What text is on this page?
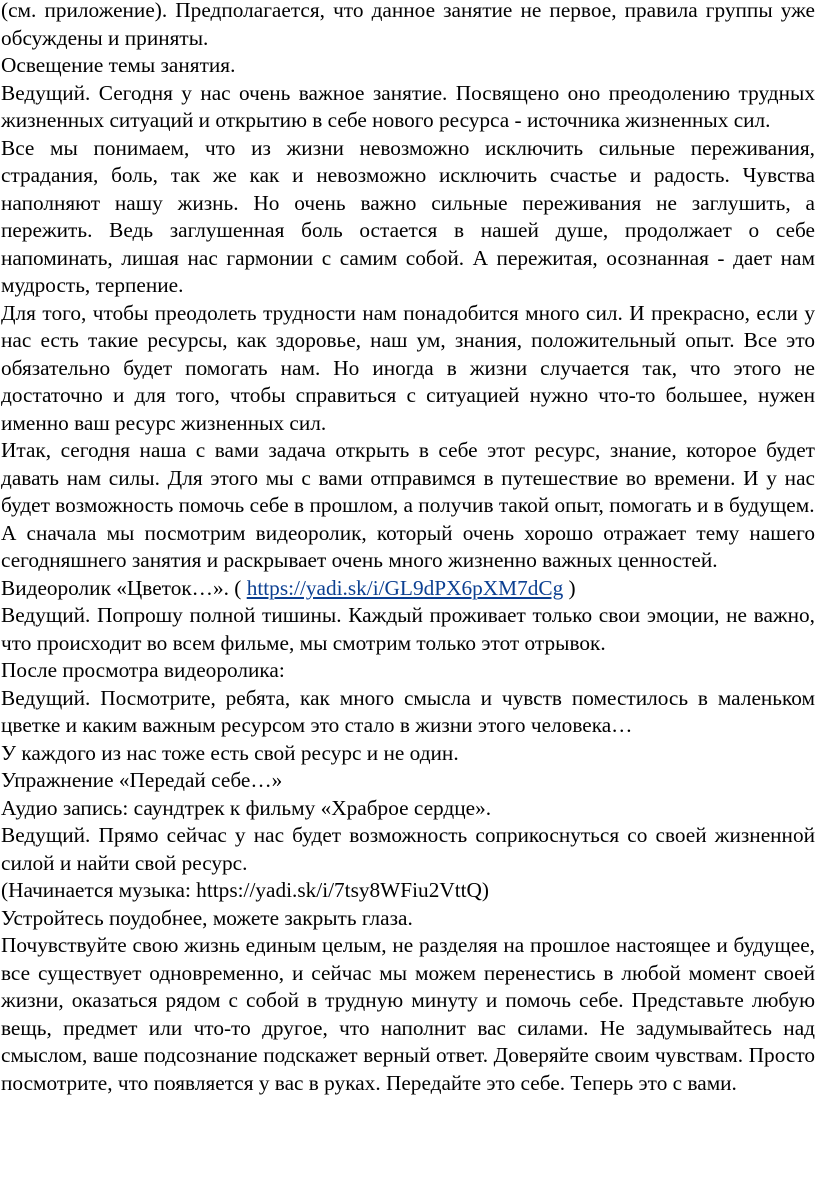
(см. приложение). Предполагается, что данное занятие не первое, правила группы уже обсуждены и приняты.

Освещение темы занятия.

Ведущий. Сегодня у нас очень важное занятие. Посвящено оно преодолению трудных жизненных ситуаций и открытию в себе нового ресурса - источника жизненных сил.

Все мы понимаем, что из жизни невозможно исключить сильные переживания, страдания, боль, так же как и невозможно исключить счастье и радость. Чувства наполняют нашу жизнь. Но очень важно сильные переживания не заглушить, а пережить. Ведь заглушенная боль остается в нашей душе, продолжает о себе напоминать, лишая нас гармонии с самим собой. А пережитая, осознанная - дает нам мудрость, терпение.

Для того, чтобы преодолеть трудности нам понадобится много сил. И прекрасно, если у нас есть такие ресурсы, как здоровье, наш ум, знания, положительный опыт. Все это обязательно будет помогать нам. Но иногда в жизни случается так, что этого не достаточно и для того, чтобы справиться с ситуацией нужно что-то большее, нужен именно ваш ресурс жизненных сил.

Итак, сегодня наша с вами задача открыть в себе этот ресурс, знание, которое будет давать нам силы. Для этого мы с вами отправимся в путешествие во времени. И у нас будет возможность помочь себе в прошлом, а получив такой опыт, помогать и в будущем.

А сначала мы посмотрим видеоролик, который очень хорошо отражает тему нашего сегодняшнего занятия и раскрывает очень много жизненно важных ценностей.

Видеоролик «Цветок…». ( https://yadi.sk/i/GL9dPX6pXM7dCg )

Ведущий. Попрошу полной тишины. Каждый проживает только свои эмоции, не важно, что происходит во всем фильме, мы смотрим только этот отрывок.

После просмотра видеоролика:

Ведущий. Посмотрите, ребята, как много смысла и чувств поместилось в маленьком цветке и каким важным ресурсом это стало в жизни этого человека…

У каждого из нас тоже есть свой ресурс и не один.

Упражнение «Передай себе…»

Аудио запись: саундтрек к фильму «Храброе сердце».

Ведущий. Прямо сейчас у нас будет возможность соприкоснуться со своей жизненной силой и найти свой ресурс.

(Начинается музыка: https://yadi.sk/i/7tsy8WFiu2VttQ)

Устройтесь поудобнее, можете закрыть глаза.

Почувствуйте свою жизнь единым целым, не разделяя на прошлое настоящее и будущее, все существует одновременно, и сейчас мы можем перенестись в любой момент своей жизни, оказаться рядом с собой в трудную минуту и помочь себе. Представьте любую вещь, предмет или что-то другое, что наполнит вас силами. Не задумывайтесь над смыслом, ваше подсознание подскажет верный ответ. Доверяйте своим чувствам. Просто посмотрите, что появляется у вас в руках. Передайте это себе. Теперь это с вами.
